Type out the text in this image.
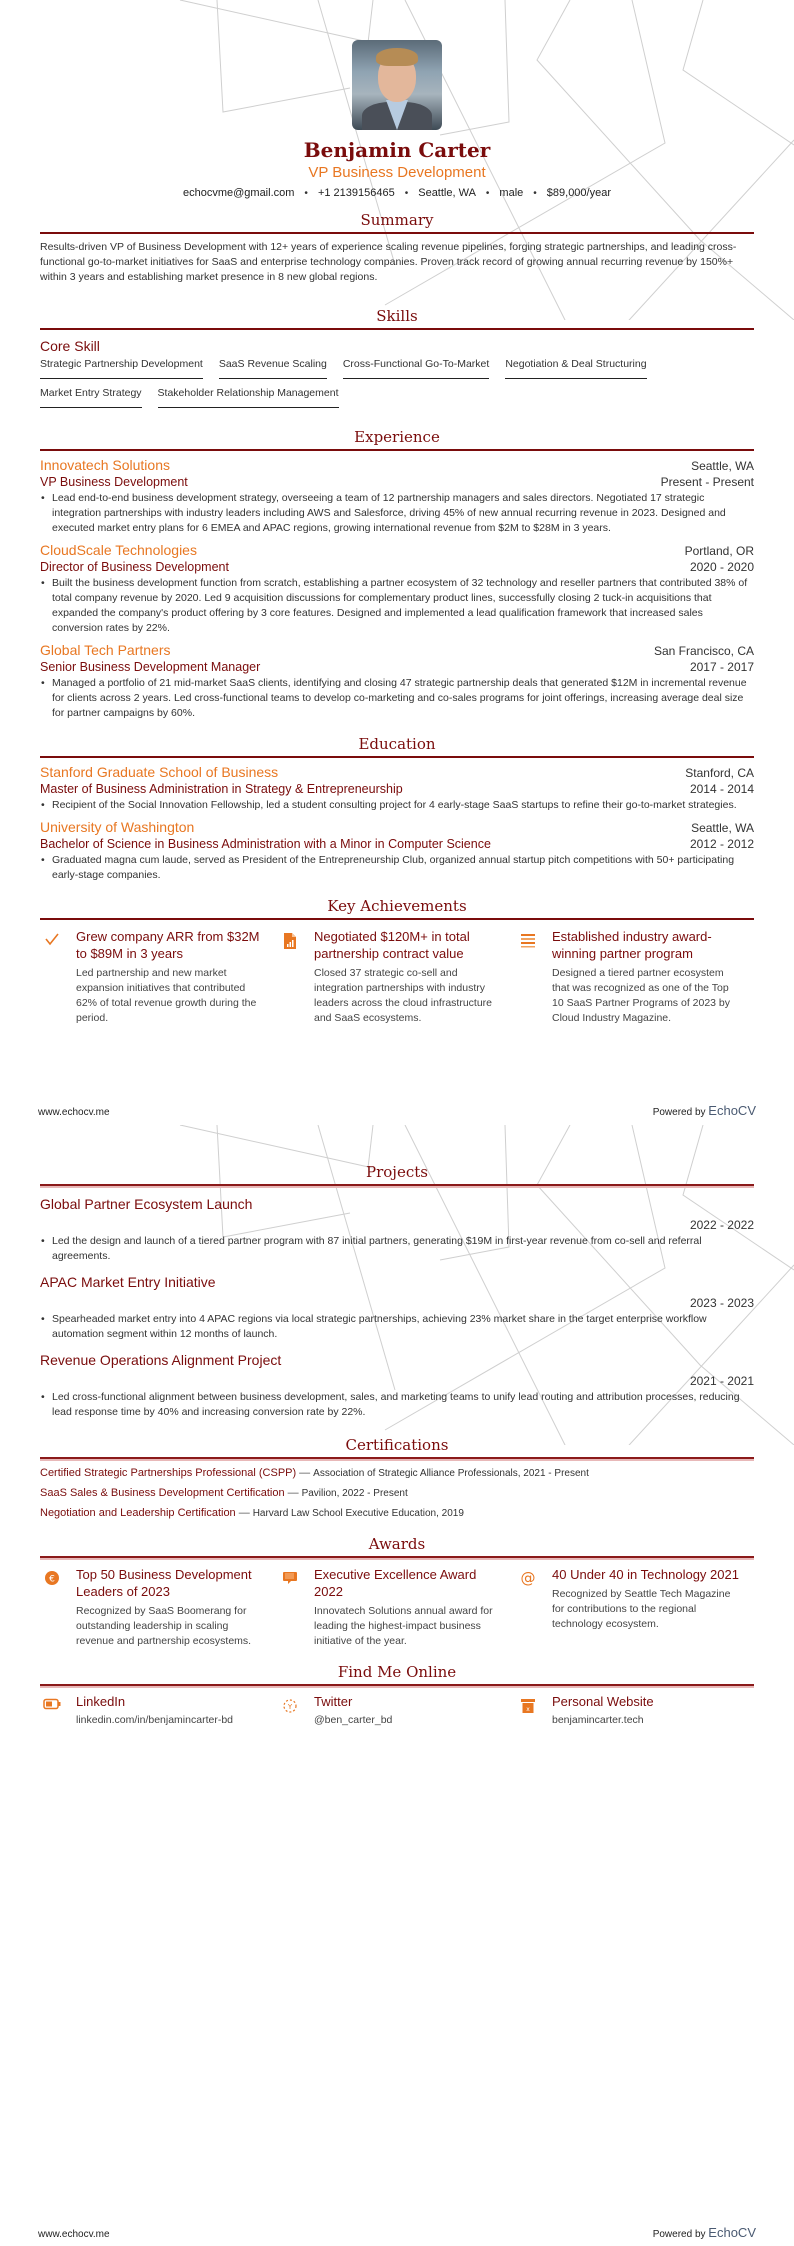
Benjamin Carter
VP Business Development
echocvme@gmail.com	• +1 2139156465	• Seattle, WA	• male	• $89,000/year
Summary

Results-driven VP of Business Development with 12+ years of experience scaling revenue pipelines, forging strategic partnerships, and leading cross-functional go-to-market initiatives for SaaS and enterprise technology companies. Proven track record of growing annual recurring revenue by 150%+ within 3 years and establishing market presence in 8 new global regions.

Skills
Core Skill
Strategic Partnership Development SaaS Revenue Scaling Cross-Functional Go-To-Market Negotiation & Deal Structuring
Market Entry Strategy Stakeholder Relationship Management
Experience
Innovatech Solutions	Seattle, WA
VP Business Development	Present - Present
• Lead end-to-end business development strategy, overseeing a team of 12 partnership managers and sales directors. Negotiated 17 strategic integration partnerships with industry leaders including AWS and Salesforce, driving 45% of new annual recurring revenue in 2023. Designed and executed market entry plans for 6 EMEA and APAC regions, growing international revenue from $2M to $28M in 3 years.
CloudScale Technologies	Portland, OR
Director of Business Development	2020 - 2020
• Built the business development function from scratch, establishing a partner ecosystem of 32 technology and reseller partners that contributed 38% of total company revenue by 2020. Led 9 acquisition discussions for complementary product lines, successfully closing 2 tuck-in acquisitions that expanded the company's product offering by 3 core features. Designed and implemented a lead qualification framework that increased sales conversion rates by 22%.
Global Tech Partners	San Francisco, CA
Senior Business Development Manager	2017 - 2017
• Managed a portfolio of 21 mid-market SaaS clients, identifying and closing 47 strategic partnership deals that generated $12M in incremental revenue for clients across 2 years. Led cross-functional teams to develop co-marketing and co-sales programs for joint offerings, increasing average deal size for partner campaigns by 60%.
Education
Stanford Graduate School of Business	Stanford, CA
Master of Business Administration in Strategy & Entrepreneurship	2014 - 2014
• Recipient of the Social Innovation Fellowship, led a student consulting project for 4 early-stage SaaS startups to refine their go-to-market strategies.
University of Washington	Seattle, WA
Bachelor of Science in Business Administration with a Minor in Computer Science	2012 - 2012
• Graduated magna cum laude, served as President of the Entrepreneurship Club, organized annual startup pitch competitions with 50+ participating early-stage companies.
Key Achievements
Grew company ARR from $32M to $89M in 3 years
Led partnership and new market expansion initiatives that contributed 62% of total revenue growth during the period.
Negotiated $120M+ in total partnership contract value
Closed 37 strategic co-sell and integration partnerships with industry leaders across the cloud infrastructure and SaaS ecosystems.
Established industry award-winning partner program
Designed a tiered partner ecosystem that was recognized as one of the Top 10 SaaS Partner Programs of 2023 by Cloud Industry Magazine.
www.echocv.me	Powered by EchoCV
Projects
Global Partner Ecosystem Launch
2022 - 2022
• Led the design and launch of a tiered partner program with 87 initial partners, generating $19M in first-year revenue from co-sell and referral agreements.
APAC Market Entry Initiative
2023 - 2023
• Spearheaded market entry into 4 APAC regions via local strategic partnerships, achieving 23% market share in the target enterprise workflow automation segment within 12 months of launch.
Revenue Operations Alignment Project
2021 - 2021
• Led cross-functional alignment between business development, sales, and marketing teams to unify lead routing and attribution processes, reducing lead response time by 40% and increasing conversion rate by 22%.
Certifications
Certified Strategic Partnerships Professional (CSPP) — Association of Strategic Alliance Professionals, 2021 - Present
SaaS Sales & Business Development Certification — Pavilion, 2022 - Present
Negotiation and Leadership Certification — Harvard Law School Executive Education, 2019
Awards
€ Top 50 Business Development Leaders of 2023
Recognized by SaaS Boomerang for outstanding leadership in scaling revenue and partnership ecosystems.
Executive Excellence Award 2022
Innovatech Solutions annual award for leading the highest-impact business initiative of the year.
@ 40 Under 40 in Technology 2021
Recognized by Seattle Tech Magazine for contributions to the regional technology ecosystem.
Find Me Online
LinkedIn
linkedin.com/in/benjamincarter-bd
Y Twitter
@ben_carter_bd
x
Personal Website
benjamincarter.tech
www.echocv.me	Powered by EchoCV
